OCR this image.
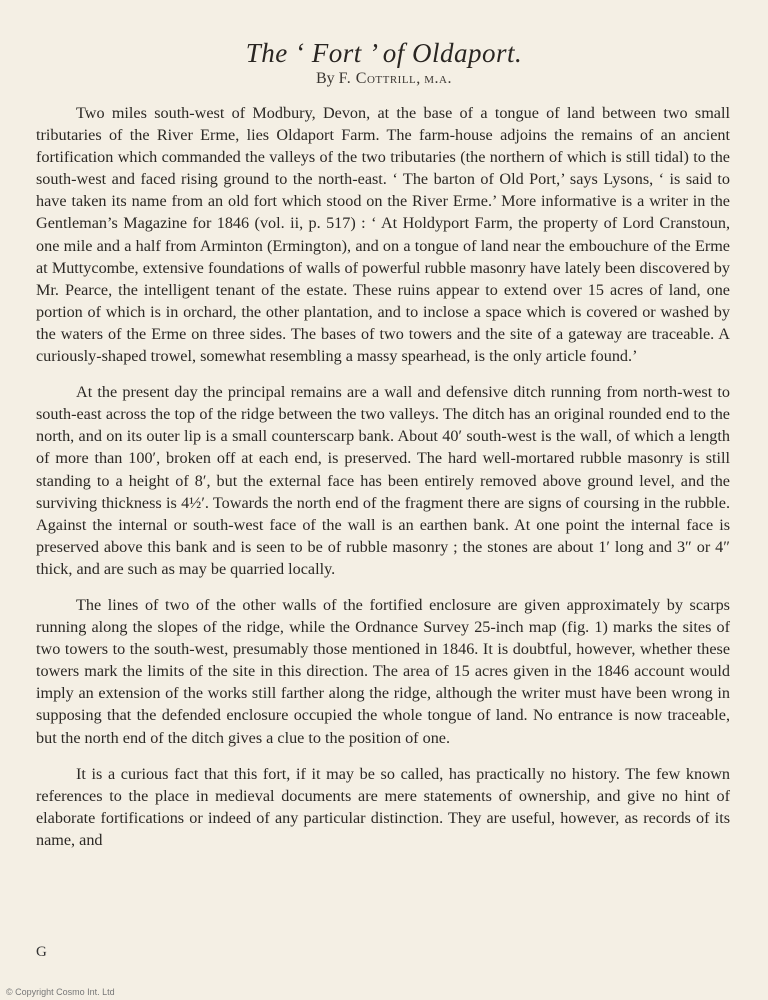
The ‘ Fort ’ of Oldaport.
By F. Cottrill, m.a.

Two miles south-west of Modbury, Devon, at the base of a tongue of land between two small tributaries of the River Erme, lies Oldaport Farm. The farm-house adjoins the remains of an ancient fortification which commanded the valleys of the two tributaries (the northern of which is still tidal) to the south-west and faced rising ground to the north-east. ‘ The barton of Old Port,’ says Lysons, ‘ is said to have taken its name from an old fort which stood on the River Erme.’ More informative is a writer in the Gentleman’s Magazine for 1846 (vol. ii, p. 517) : ‘ At Holdyport Farm, the property of Lord Cranstoun, one mile and a half from Arminton (Ermington), and on a tongue of land near the embouchure of the Erme at Muttycombe, extensive foundations of walls of powerful rubble masonry have lately been discovered by Mr. Pearce, the intelligent tenant of the estate. These ruins appear to extend over 15 acres of land, one portion of which is in orchard, the other plantation, and to inclose a space which is covered or washed by the waters of the Erme on three sides. The bases of two towers and the site of a gateway are traceable. A curiously-shaped trowel, somewhat resembling a massy spearhead, is the only article found.’

At the present day the principal remains are a wall and defensive ditch running from north-west to south-east across the top of the ridge between the two valleys. The ditch has an original rounded end to the north, and on its outer lip is a small counterscarp bank. About 40′ south-west is the wall, of which a length of more than 100′, broken off at each end, is preserved. The hard well-mortared rubble masonry is still standing to a height of 8′, but the external face has been entirely removed above ground level, and the surviving thickness is 4½′. Towards the north end of the fragment there are signs of coursing in the rubble. Against the internal or south-west face of the wall is an earthen bank. At one point the internal face is preserved above this bank and is seen to be of rubble masonry ; the stones are about 1′ long and 3″ or 4″ thick, and are such as may be quarried locally.

The lines of two of the other walls of the fortified enclosure are given approximately by scarps running along the slopes of the ridge, while the Ordnance Survey 25-inch map (fig. 1) marks the sites of two towers to the south-west, presumably those mentioned in 1846. It is doubtful, however, whether these towers mark the limits of the site in this direction. The area of 15 acres given in the 1846 account would imply an extension of the works still farther along the ridge, although the writer must have been wrong in supposing that the defended enclosure occupied the whole tongue of land. No entrance is now traceable, but the north end of the ditch gives a clue to the position of one.

It is a curious fact that this fort, if it may be so called, has practically no history. The few known references to the place in medieval documents are mere statements of ownership, and give no hint of elaborate fortifications or indeed of any particular distinction. They are useful, however, as records of its name, and

G
© Copyright Cosmo Int. Ltd
